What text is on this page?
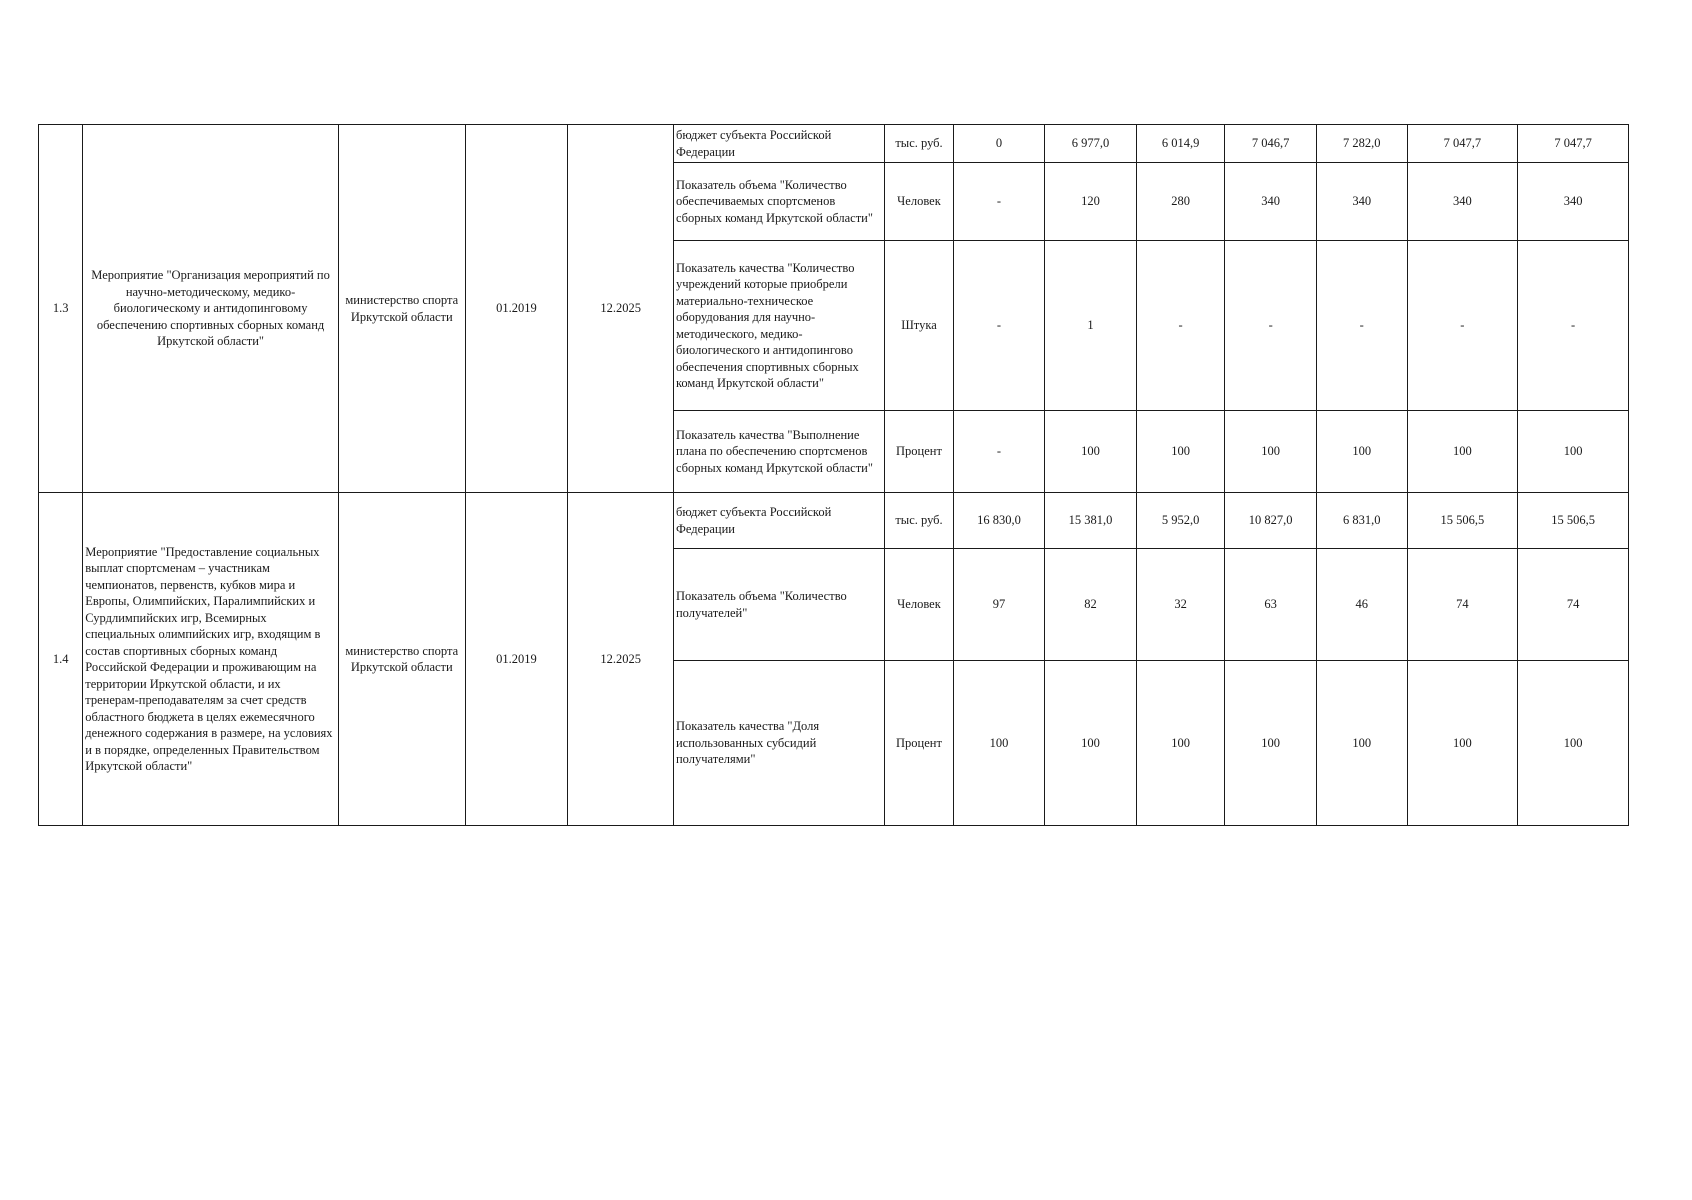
1.3	Мероприятие "Организация мероприятий по научно-методическому, медико-биологическому и антидопинговому обеспечению спортивных сборных команд Иркутской области"	министерство спорта Иркутской области	01.2019	12.2025	бюджет субъекта Российской Федерации	тыс. руб.	0	6 977,0	6 014,9	7 046,7	7 282,0	7 047,7	7 047,7
					Показатель объема "Количество обеспечиваемых спортсменов сборных команд Иркутской области"	Человек	-	120	280	340	340	340	340
					Показатель качества "Количество учреждений которые приобрели материально-техническое оборудования для научно-методического, медико-биологического и антидопингово обеспечения спортивных сборных команд Иркутской области"	Штука	-	1	-	-	-	-	-
					Показатель качества "Выполнение плана по обеспечению спортсменов сборных команд Иркутской области"	Процент	-	100	100	100	100	100	100
1.4	Мероприятие "Предоставление социальных выплат спортсменам – участникам чемпионатов, первенств, кубков мира и Европы, Олимпийских, Паралимпийских и Сурдлимпийских игр, Всемирных специальных олимпийских игр, входящим в состав спортивных сборных команд Российской Федерации и проживающим на территории Иркутской области, и их тренерам-преподавателям за счет средств областного бюджета в целях ежемесячного денежного содержания в размере, на условиях и в порядке, определенных Правительством Иркутской области"	министерство спорта Иркутской области	01.2019	12.2025	бюджет субъекта Российской Федерации	тыс. руб.	16 830,0	15 381,0	5 952,0	10 827,0	6 831,0	15 506,5	15 506,5
					Показатель объема "Количество получателей"	Человек	97	82	32	63	46	74	74
					Показатель качества "Доля использованных субсидий получателями"	Процент	100	100	100	100	100	100	100
